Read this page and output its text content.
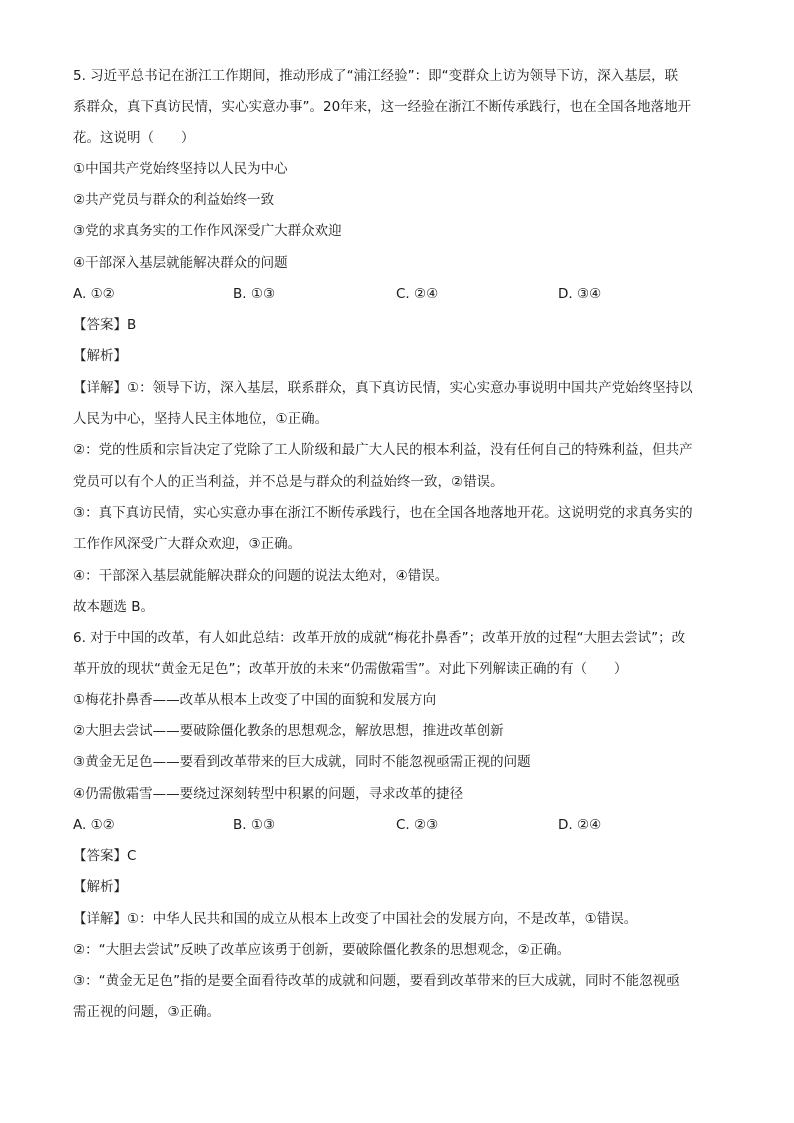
5. 习近平总书记在浙江工作期间，推动形成了“浦江经验”：即“变群众上访为领导下访，深入基层，联
系群众，真下真访民情，实心实意办事”。20年来，这一经验在浙江不断传承践行，也在全国各地落地开
花。这说明（　　）
①中国共产党始终坚持以人民为中心
②共产党员与群众的利益始终一致
③党的求真务实的工作作风深受广大群众欢迎
④干部深入基层就能解决群众的问题
A. ①②	B. ①③	C. ②④	D. ③④
【答案】B
【解析】
【详解】①：领导下访，深入基层，联系群众，真下真访民情，实心实意办事说明中国共产党始终坚持以
人民为中心，坚持人民主体地位，①正确。
②：党的性质和宗旨决定了党除了工人阶级和最广大人民的根本利益，没有任何自己的特殊利益，但共产
党员可以有个人的正当利益，并不总是与群众的利益始终一致，②错误。
③：真下真访民情，实心实意办事在浙江不断传承践行，也在全国各地落地开花。这说明党的求真务实的
工作作风深受广大群众欢迎，③正确。
④：干部深入基层就能解决群众的问题的说法太绝对，④错误。
故本题选 B。
6. 对于中国的改革，有人如此总结：改革开放的成就“梅花扑鼻香”；改革开放的过程“大胆去尝试”；改
革开放的现状“黄金无足色”；改革开放的未来“仍需傲霜雪”。对此下列解读正确的有（　　）
①梅花扑鼻香——改革从根本上改变了中国的面貌和发展方向
②大胆去尝试——要破除僵化教条的思想观念，解放思想，推进改革创新
③黄金无足色——要看到改革带来的巨大成就，同时不能忽视亟需正视的问题
④仍需傲霜雪——要绕过深刻转型中积累的问题，寻求改革的捷径
A. ①②	B. ①③	C. ②③	D. ②④
【答案】C
【解析】
【详解】①：中华人民共和国的成立从根本上改变了中国社会的发展方向，不是改革，①错误。
②：“大胆去尝试”反映了改革应该勇于创新，要破除僵化教条的思想观念，②正确。
③：“黄金无足色”指的是要全面看待改革的成就和问题，要看到改革带来的巨大成就，同时不能忽视亟
需正视的问题，③正确。
